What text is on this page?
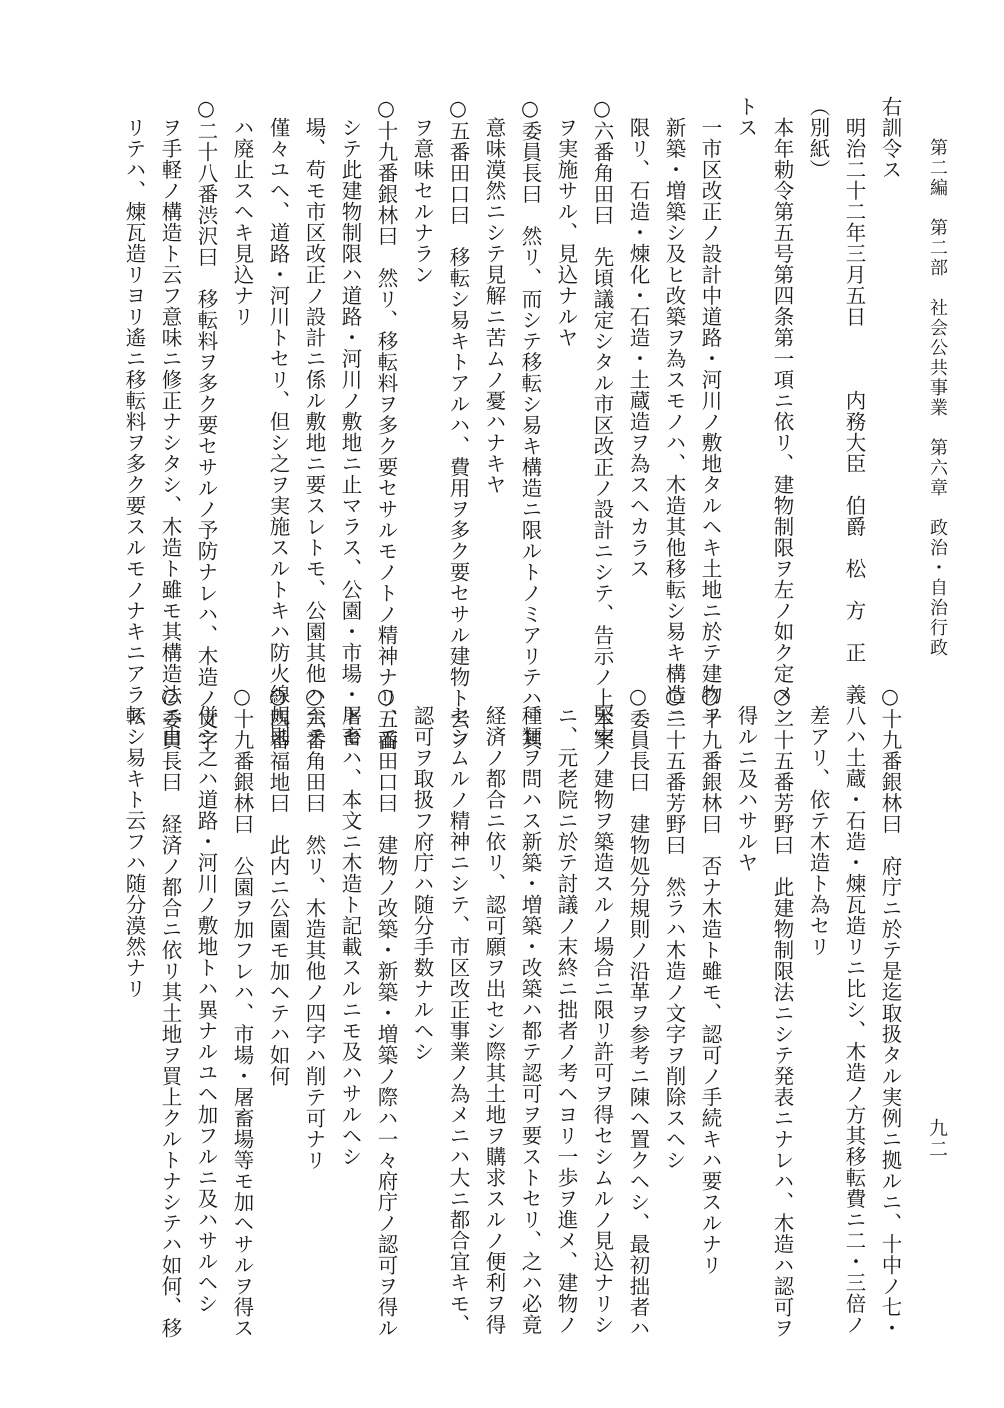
第二編　第二部　社会公共事業　第六章　政治・自治行政
右訓令ス
　明治二十二年三月五日　　　内務大臣　伯爵　松　方　正　義
（別紙）
　本年勅令第五号第四条第一項ニ依リ、建物制限ヲ左ノ如ク定メン
トス
　一市区改正ノ設計中道路・河川ノ敷地タルヘキ土地ニ於テ建物ヲ
　新築・増築シ及ヒ改築ヲ為スモノハ、木造其他移転シ易キ構造ニ
　限リ、石造・煉化・石造・土蔵造ヲ為スヘカラス
○六番角田曰　先頃議定シタル市区改正ノ設計ニシテ、告示ノ上本案
　ヲ実施サル、見込ナルヤ
○委員長曰　然リ、而シテ移転シ易キ構造ニ限ルトノミアリテハ、其
　意味漠然ニシテ見解ニ苦ムノ憂ハナキヤ
○五番田口曰　移転シ易キトアルハ、費用ヲ多ク要セサル建物ト云フ
　ヲ意味セルナラン
○十九番銀林曰　然リ、移転料ヲ多ク要セサルモノトノ精神ナリ、而
　シテ此建物制限ハ道路・河川ノ敷地ニ止マラス、公園・市場・屠畜
　場、苟モ市区改正ノ設計ニ係ル敷地ニ要スレトモ、公園其他ハ至テ
　僅々ユヘ、道路・河川トセリ、但シ之ヲ実施スルトキハ防火線規則
　ハ廃止スヘキ見込ナリ
○二十八番渋沢曰　移転料ヲ多ク要セサルノ予防ナレハ、木造ノ文字
　ヲ手軽ノ構造ト云フ意味ニ修正ナシタシ、木造ト雖モ其構造法ニ由
　リテハ、煉瓦造リヨリ遙ニ移転料ヲ多ク要スルモノナキニアラス
○十九番銀林曰　府庁ニ於テ是迄取扱タル実例ニ拠ルニ、十中ノ七・
　八ハ土蔵・石造・煉瓦造リニ比シ、木造ノ方其移転費ニ二・三倍ノ
　差アリ、依テ木造ト為セリ
○二十五番芳野曰　此建物制限法ニシテ発表ニナレハ、木造ハ認可ヲ
　得ルニ及ハサルヤ
○十九番銀林曰　否ナ木造ト雖モ、認可ノ手続キハ要スルナリ
○二十五番芳野曰　然ラハ木造ノ文字ヲ削除スヘシ
○委員長曰　建物処分規則ノ沿革ヲ参考ニ陳ヘ置クヘシ、最初拙者ハ
　堅牢ノ建物ヲ築造スルノ場合ニ限リ許可ヲ得セシムルノ見込ナリシ
　ニ、元老院ニ於テ討議ノ末終ニ拙者ノ考ヘヨリ一歩ヲ進メ、建物ノ
　種類ヲ問ハス新築・増築・改築ハ都テ認可ヲ要ストセリ、之ハ必竟
　経済ノ都合ニ依リ、認可願ヲ出セシ際其土地ヲ購求スルノ便利ヲ得
　セシムルノ精神ニシテ、市区改正事業ノ為メニハ大ニ都合宜キモ、
　認可ヲ取扱フ府庁ハ随分手数ナルヘシ
○五番田口曰　建物ノ改築・新築・増築ノ際ハ一々府庁ノ認可ヲ得ル
　トセハ、本文ニ木造ト記載スルニモ及ハサルヘシ
○六番角田曰　然リ、木造其他ノ四字ハ削テ可ナリ
○四番福地曰　此内ニ公園モ加ヘテハ如何
○十九番銀林曰　公園ヲ加フレハ、市場・屠畜場等モ加ヘサルヲ得ス
　併シ之ハ道路・河川ノ敷地トハ異ナルユヘ加フルニ及ハサルヘシ
○委員長曰　経済ノ都合ニ依リ其土地ヲ買上クルトナシテハ如何、移
　転シ易キト云フハ随分漠然ナリ
九二
